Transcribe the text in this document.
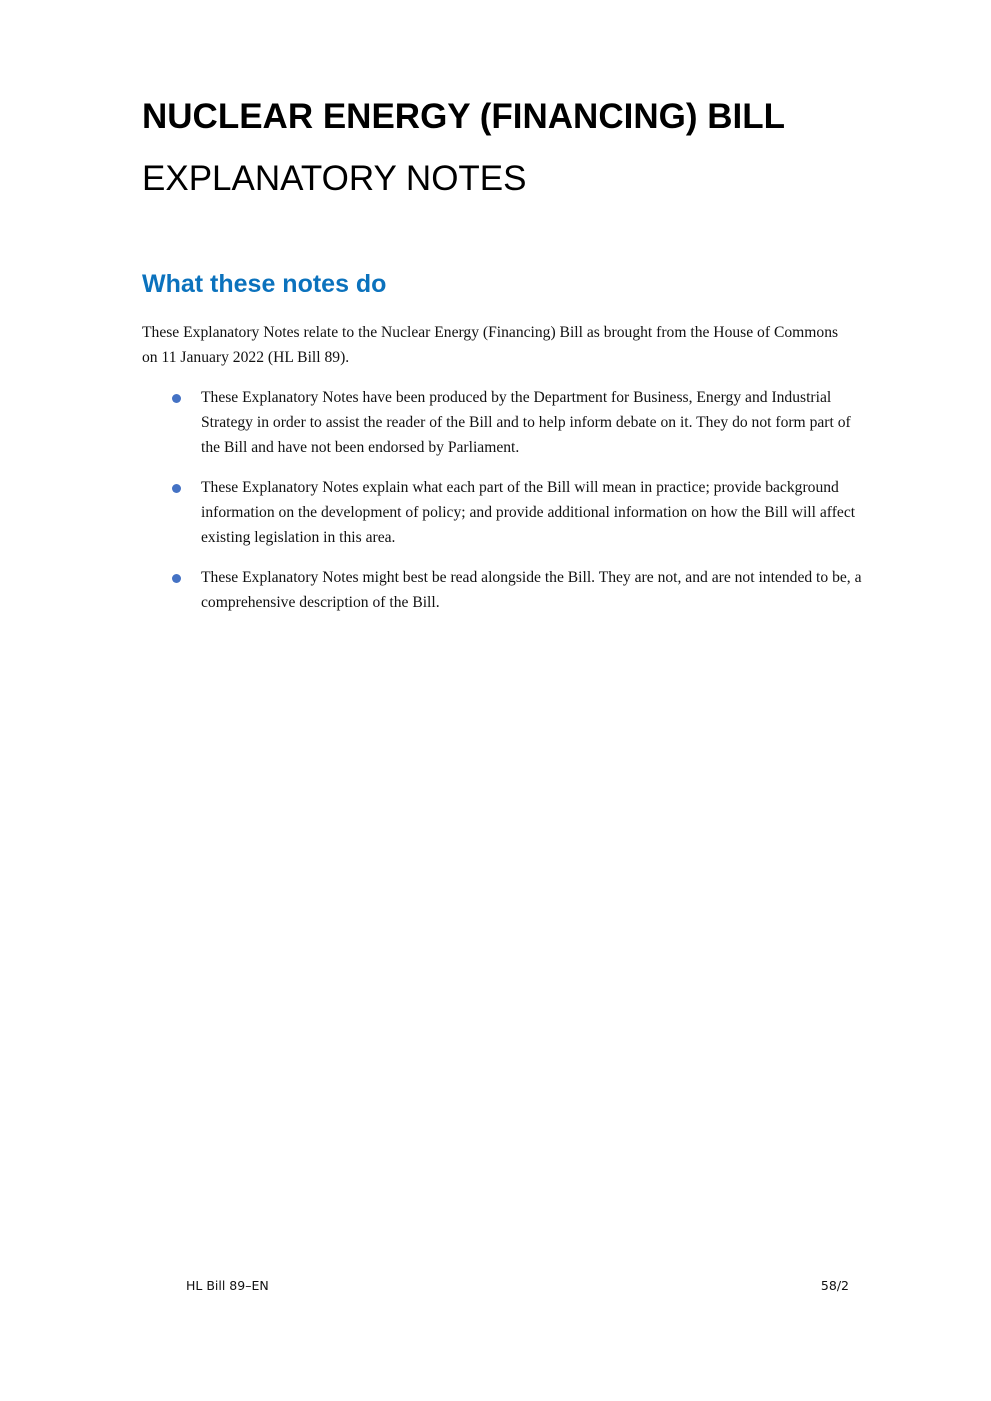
NUCLEAR ENERGY (FINANCING) BILL
EXPLANATORY NOTES
What these notes do

These Explanatory Notes relate to the Nuclear Energy (Financing) Bill as brought from the House of Commons on 11 January 2022 (HL Bill 89).

These Explanatory Notes have been produced by the Department for Business, Energy and Industrial Strategy in order to assist the reader of the Bill and to help inform debate on it. They do not form part of the Bill and have not been endorsed by Parliament.
These Explanatory Notes explain what each part of the Bill will mean in practice; provide background information on the development of policy; and provide additional information on how the Bill will affect existing legislation in this area.
These Explanatory Notes might best be read alongside the Bill. They are not, and are not intended to be, a comprehensive description of the Bill.
HL Bill 89–EN	58/2
